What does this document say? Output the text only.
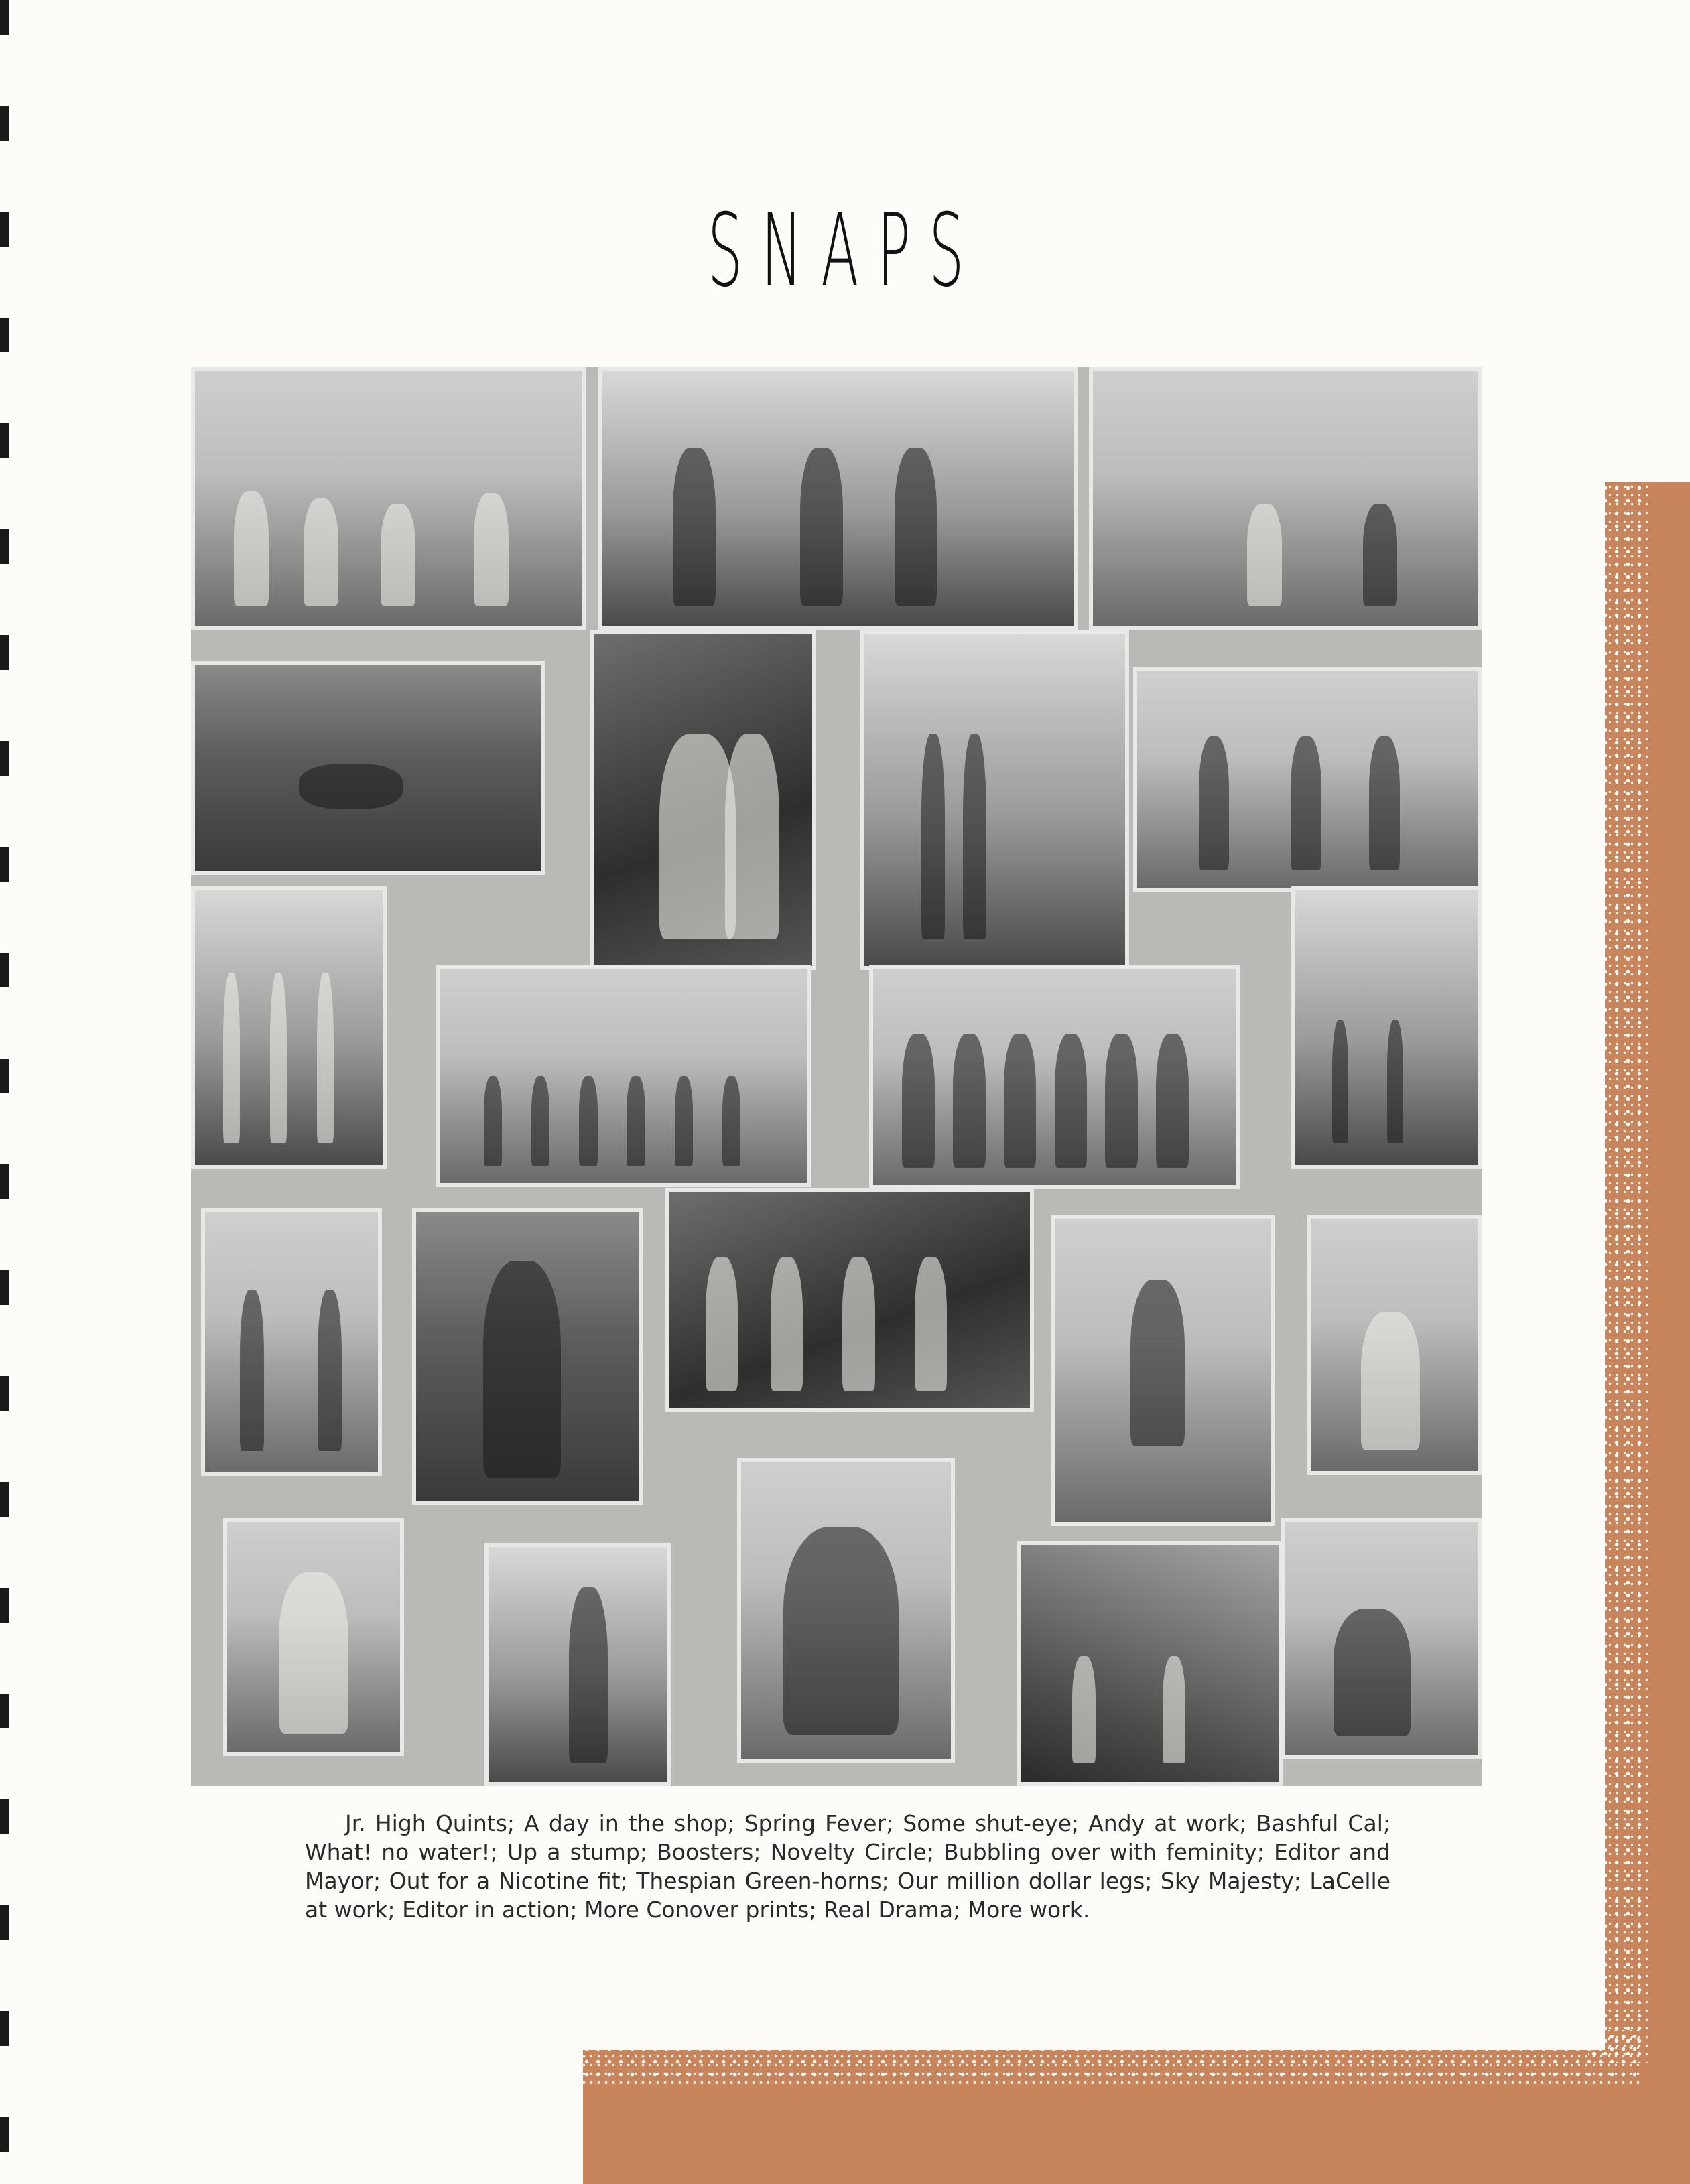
SNAPS

Jr. High Quints; A day in the shop; Spring Fever; Some shut-eye; Andy at work; Bashful Cal; What! no water!; Up a stump; Boosters; Novelty Circle; Bubbling over with feminity; Editor and Mayor; Out for a Nicotine fit; Thespian Green-horns; Our million dollar legs; Sky Majesty; LaCelle at work; Editor in action; More Conover prints; Real Drama; More work.
